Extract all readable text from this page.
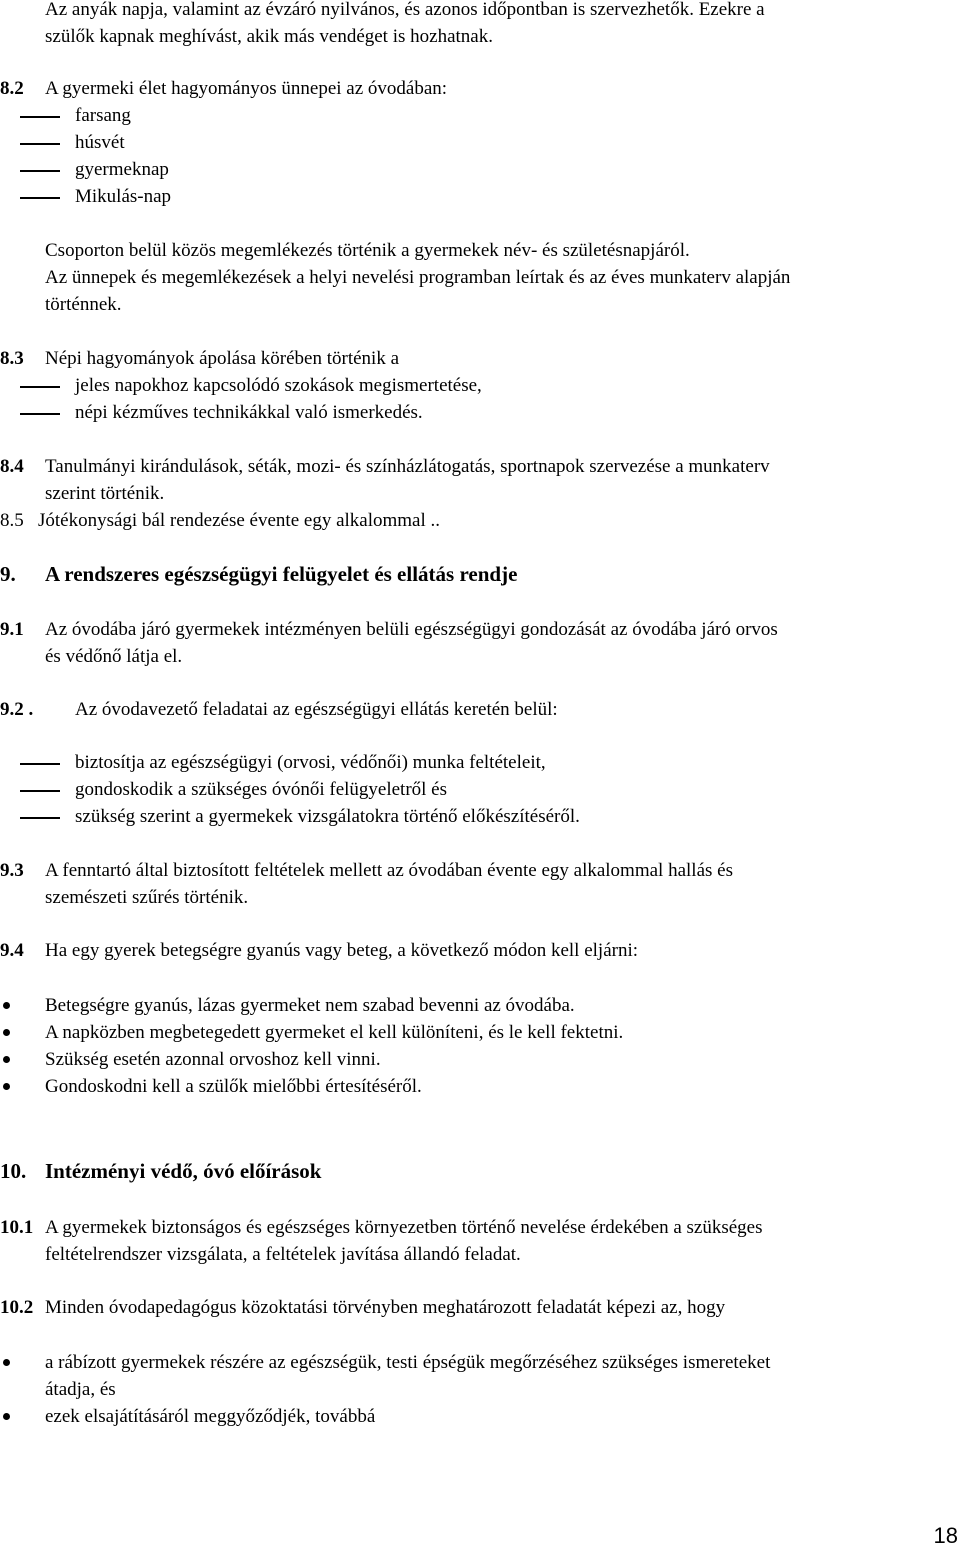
Az anyák napja, valamint az évzáró nyilvános, és azonos időpontban is szervezhetők. Ezekre a
szülők kapnak meghívást, akik más vendéget is hozhatnak.

8.2 A gyermeki élet hagyományos ünnepei az óvodában:
farsang
húsvét
gyermeknap
Mikulás-nap

Csoporton belül közös megemlékezés történik a gyermekek név- és születésnapjáról.
Az ünnepek és megemlékezések a helyi nevelési programban leírtak és az éves munkaterv alapján
történnek.

8.3 Népi hagyományok ápolása körében történik a
jeles napokhoz kapcsolódó szokások megismertetése,
népi kézműves technikákkal való ismerkedés.
8.4 Tanulmányi kirándulások, séták, mozi- és színházlátogatás, sportnapok szervezése a munkaterv
szerint történik.
8.5 Jótékonysági bál rendezése évente egy alkalommal ..
9. A rendszeres egészségügyi felügyelet és ellátás rendje
9.1 Az óvodába járó gyermekek intézményen belüli egészségügyi gondozását az óvodába járó orvos
és védőnő látja el.
9.2 . Az óvodavezető feladatai az egészségügyi ellátás keretén belül:
biztosítja az egészségügyi (orvosi, védőnői) munka feltételeit,
gondoskodik a szükséges óvónői felügyeletről és
szükség szerint a gyermekek vizsgálatokra történő előkészítéséről.
9.3 A fenntartó által biztosított feltételek mellett az óvodában évente egy alkalommal hallás és
szemészeti szűrés történik.
9.4 Ha egy gyerek betegségre gyanús vagy beteg, a következő módon kell eljárni:
Betegségre gyanús, lázas gyermeket nem szabad bevenni az óvodába.
A napközben megbetegedett gyermeket el kell különíteni, és le kell fektetni.
Szükség esetén azonnal orvoshoz kell vinni.
Gondoskodni kell a szülők mielőbbi értesítéséről.
10. Intézményi védő, óvó előírások
10.1 A gyermekek biztonságos és egészséges környezetben történő nevelése érdekében a szükséges
feltételrendszer vizsgálata, a feltételek javítása állandó feladat.
10.2 Minden óvodapedagógus közoktatási törvényben meghatározott feladatát képezi az, hogy
a rábízott gyermekek részére az egészségük, testi épségük megőrzéséhez szükséges ismereteket
átadja, és
ezek elsajátításáról meggyőződjék, továbbá
18
